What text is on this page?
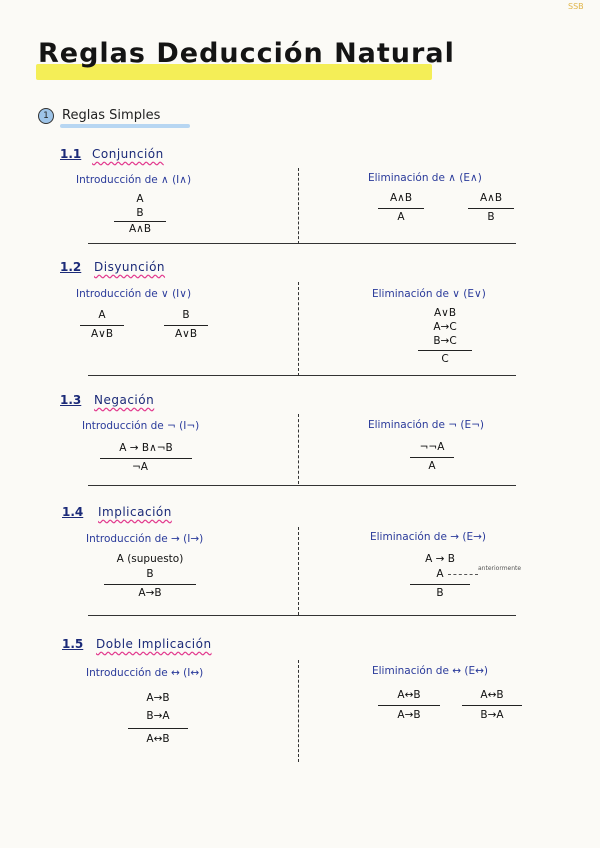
Reglas Deducción Natural
SSB
1	Reglas Simples
1.1 Conjunción
Introducción de ∧ (I∧)
A
B
A∧B
Eliminación de ∧ (E∧)
A∧B
A
A∧B
B
1.2 Disyunción
Introducción de ∨ (I∨)
A
A∨B
B
A∨B
Eliminación de ∨ (E∨)
A∨B
A→C
B→C
C
1.3 Negación
Introducción de ¬ (I¬)
A → B∧¬B
¬A
Eliminación de ¬ (E¬)
¬¬A
A
1.4 Implicación
Introducción de → (I→)
A (supuesto)
B
A→B
Eliminación de → (E→)
A → B
A	anteriormente
B
1.5 Doble Implicación
Introducción de ↔ (I↔)
A→B
B→A
A↔B
Eliminación de ↔ (E↔)
A↔B
A→B
A↔B
B→A
